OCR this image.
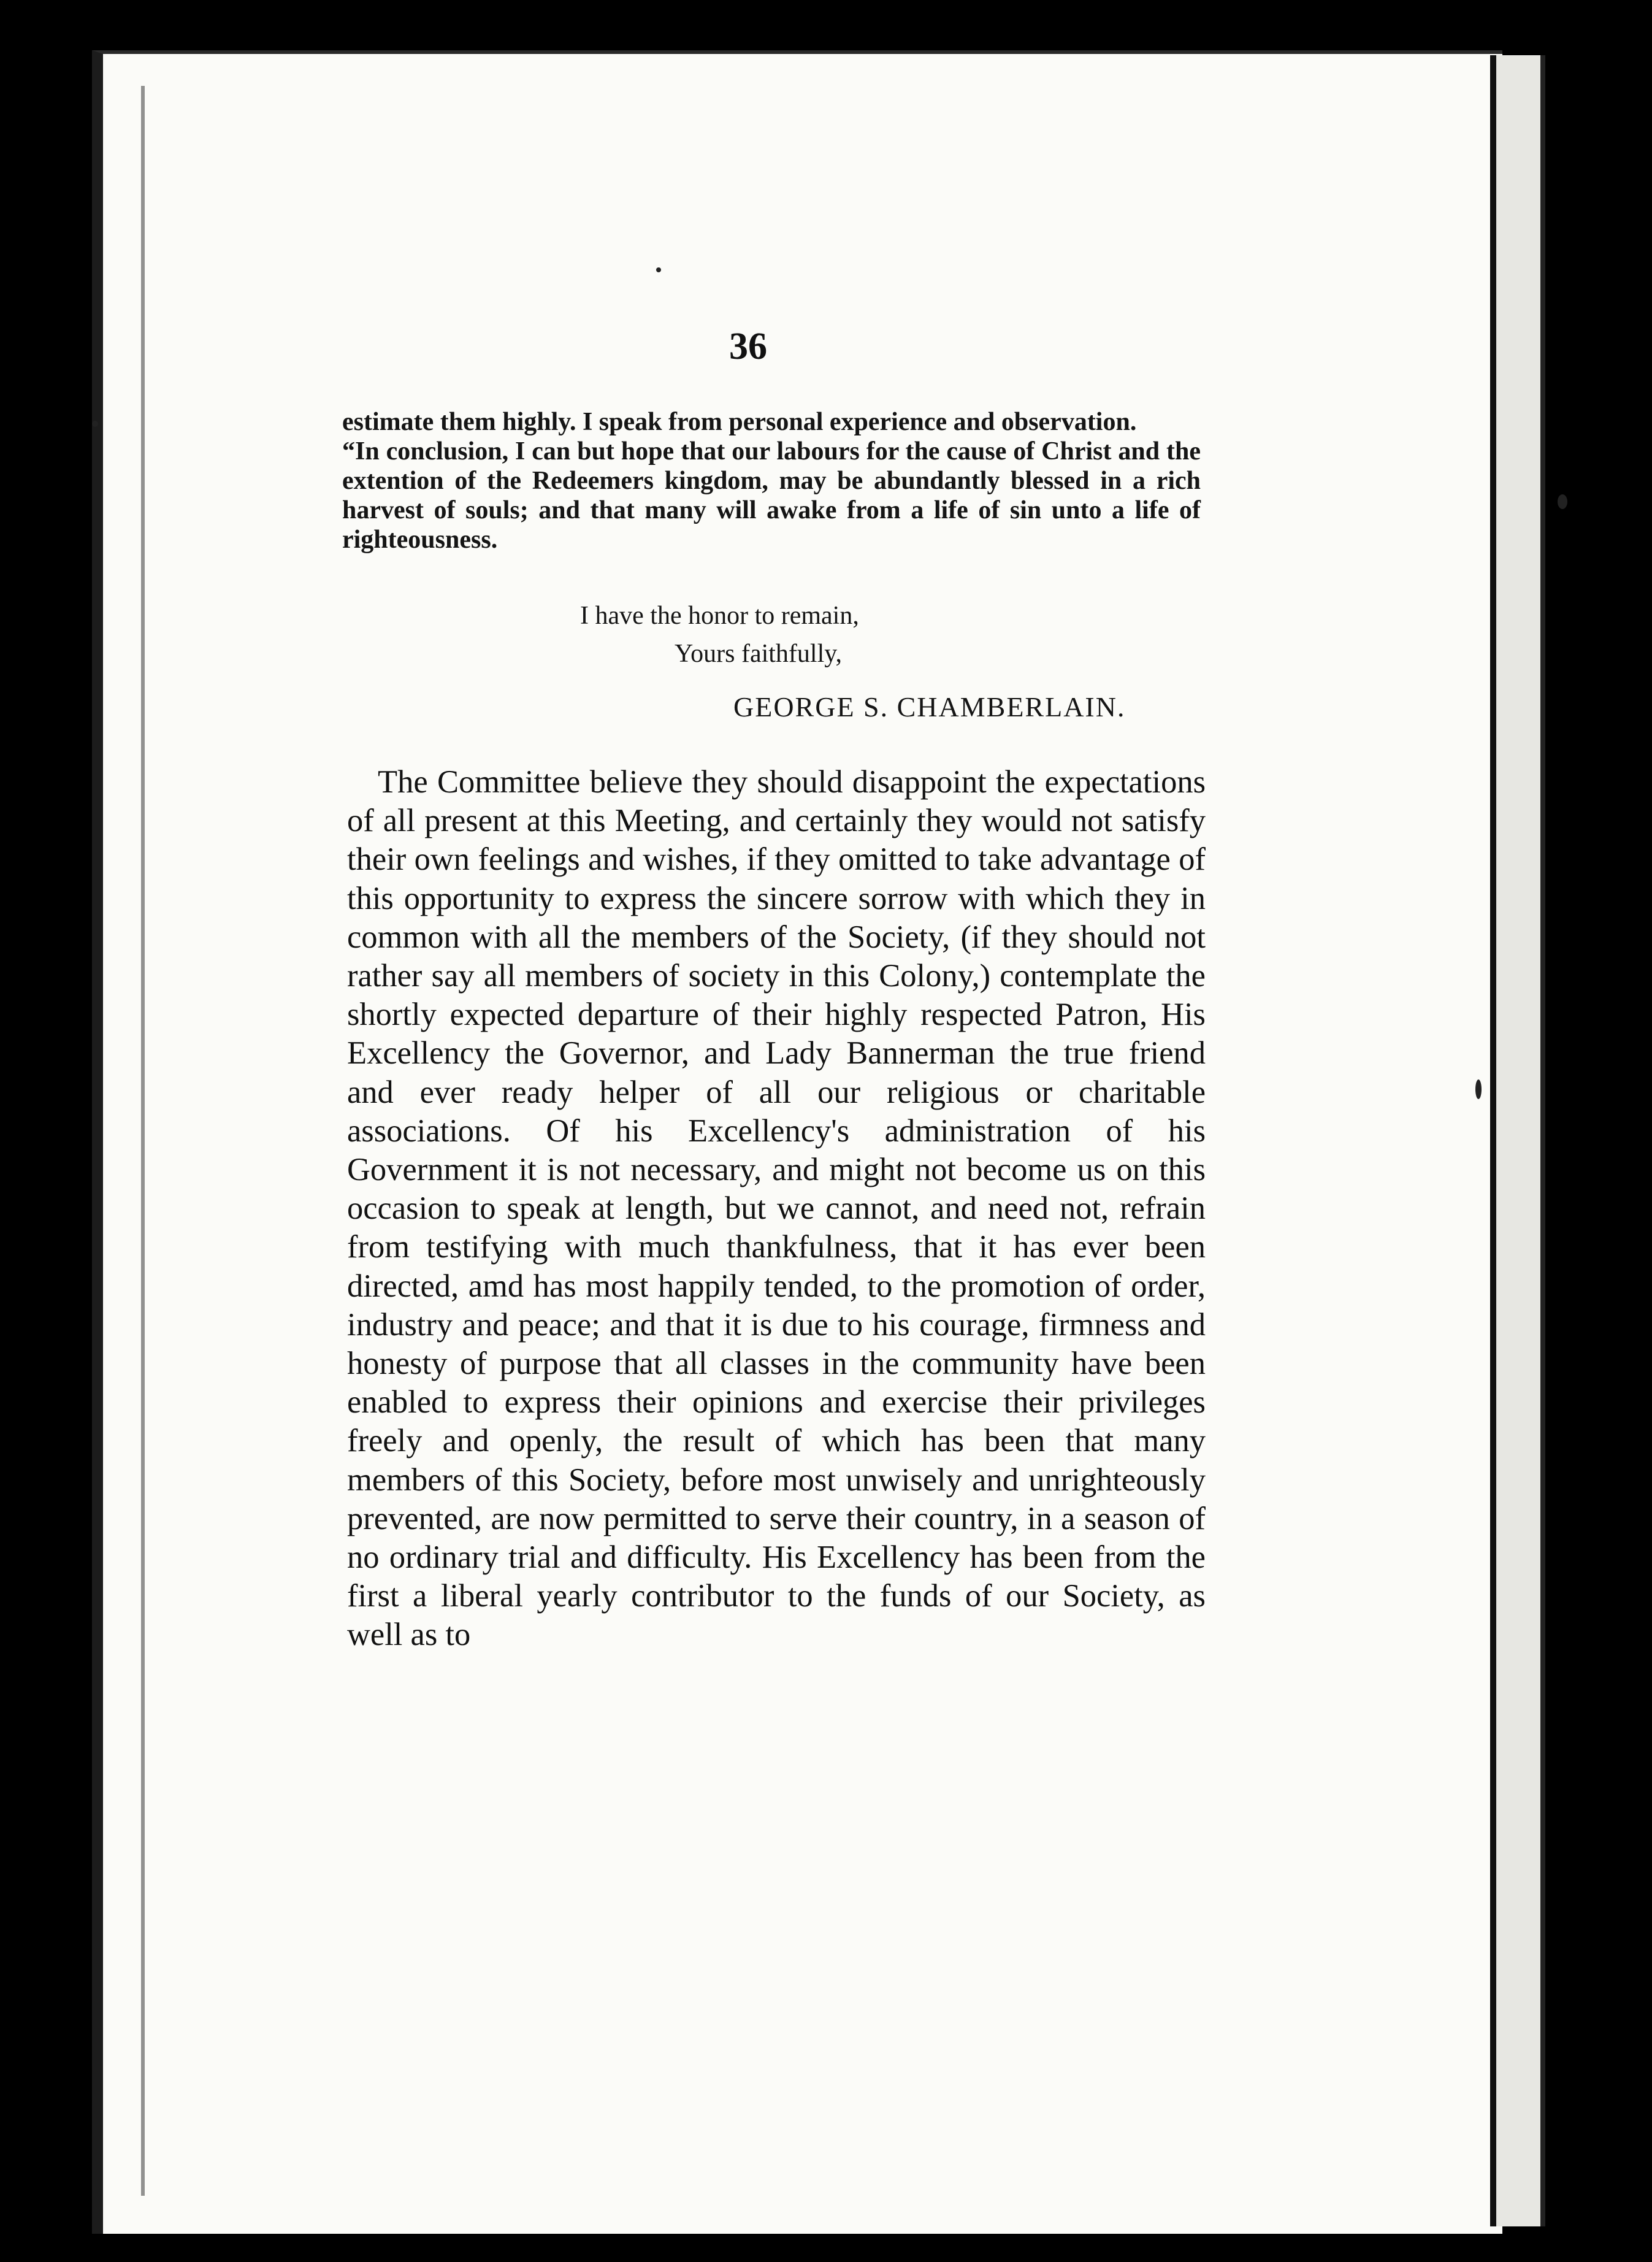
36

estimate them highly. I speak from personal experience and observation.

“In conclusion, I can but hope that our labours for the cause of Christ and the extention of the Redeemers kingdom, may be abundantly blessed in a rich harvest of souls; and that many will awake from a life of sin unto a life of righteousness.

I have the honor to remain,
Yours faithfully,
GEORGE S. CHAMBERLAIN.

The Committee believe they should disappoint the expectations of all present at this Meeting, and certainly they would not satisfy their own feelings and wishes, if they omitted to take advantage of this opportunity to express the sincere sorrow with which they in common with all the members of the Society, (if they should not rather say all members of society in this Colony,) contemplate the shortly expected departure of their highly respected Patron, His Excellency the Governor, and Lady Bannerman the true friend and ever ready helper of all our religious or charitable associations. Of his Excellency's administration of his Government it is not necessary, and might not become us on this occasion to speak at length, but we cannot, and need not, refrain from testifying with much thankfulness, that it has ever been directed, amd has most happily tended, to the promotion of order, industry and peace; and that it is due to his courage, firmness and honesty of purpose that all classes in the community have been enabled to express their opinions and exercise their privileges freely and openly, the result of which has been that many members of this Society, before most unwisely and unrighteously prevented, are now permitted to serve their country, in a season of no ordinary trial and difficulty. His Excellency has been from the first a liberal yearly contributor to the funds of our Society, as well as to
